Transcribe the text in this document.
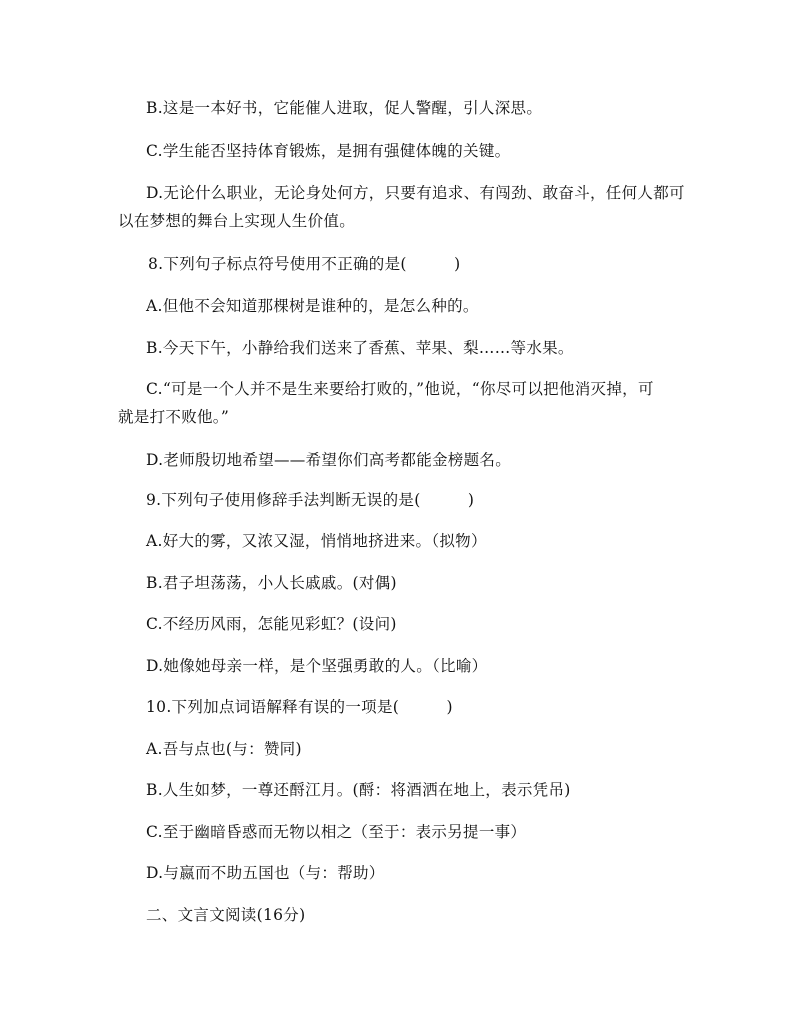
B.这是一本好书，它能催人进取，促人警醒，引人深思。
C.学生能否坚持体育锻炼，是拥有强健体魄的关键。
D.无论什么职业，无论身处何方，只要有追求、有闯劲、敢奋斗，任何人都可
以在梦想的舞台上实现人生价值。
8.下列句子标点符号使用不正确的是(　　　)
A.但他不会知道那棵树是谁种的，是怎么种的。
B.今天下午，小静给我们送来了香蕉、苹果、梨……等水果。
C.“可是一个人并不是生来要给打败的，”他说，“你尽可以把他消灭掉，可
就是打不败他。”
D.老师殷切地希望——希望你们高考都能金榜题名。
9.下列句子使用修辞手法判断无误的是(　　　)
A.好大的雾，又浓又湿，悄悄地挤进来。（拟物）
B.君子坦荡荡，小人长戚戚。(对偶)
C.不经历风雨，怎能见彩虹？(设问)
D.她像她母亲一样，是个坚强勇敢的人。（比喻）
10.下列加点词语解释有误的一项是(　　　)
A.吾与点也(与：赞同)
B.人生如梦，一尊还酹江月。(酹：将酒洒在地上，表示凭吊)
C.至于幽暗昏惑而无物以相之（至于：表示另提一事）
D.与嬴而不助五国也（与：帮助）
二、文言文阅读(16分)
